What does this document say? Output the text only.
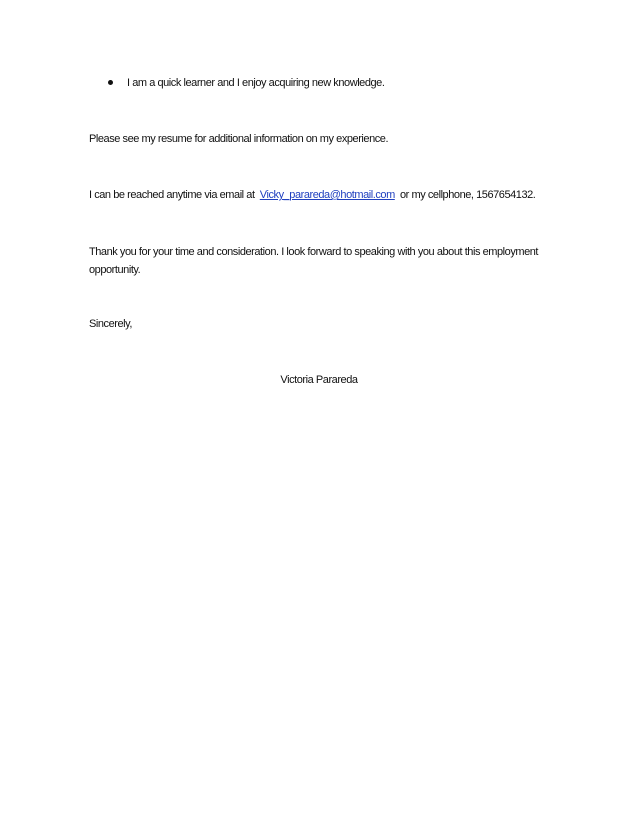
I am a quick learner and I enjoy acquiring new knowledge.
Please see my resume for additional information on my experience.
I can be reached anytime via email at Vicky_parareda@hotmail.com or my cellphone, 1567654132.
Thank you for your time and consideration. I look forward to speaking with you about this employment opportunity.
Sincerely,
Victoria Parareda
